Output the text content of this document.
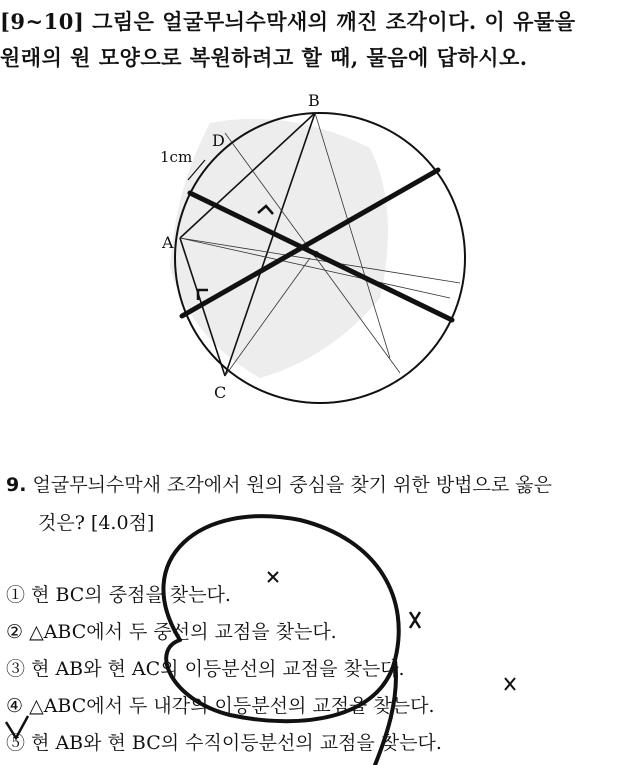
[9~10] 그림은 얼굴무늬수막새의 깨진 조각이다. 이 유물을
원래의 원 모양으로 복원하려고 할 때, 물음에 답하시오.
B
D
A
C
1cm
9. 얼굴무늬수막새 조각에서 원의 중심을 찾기 위한 방법으로 옳은
것은? [4.0점]
① 현 BC의 중점을 찾는다.
② △ABC에서 두 중선의 교점을 찾는다.
③ 현 AB와 현 AC의 이등분선의 교점을 찾는다.
④ △ABC에서 두 내각의 이등분선의 교점을 찾는다.
⑤ 현 AB와 현 BC의 수직이등분선의 교점을 찾는다.
